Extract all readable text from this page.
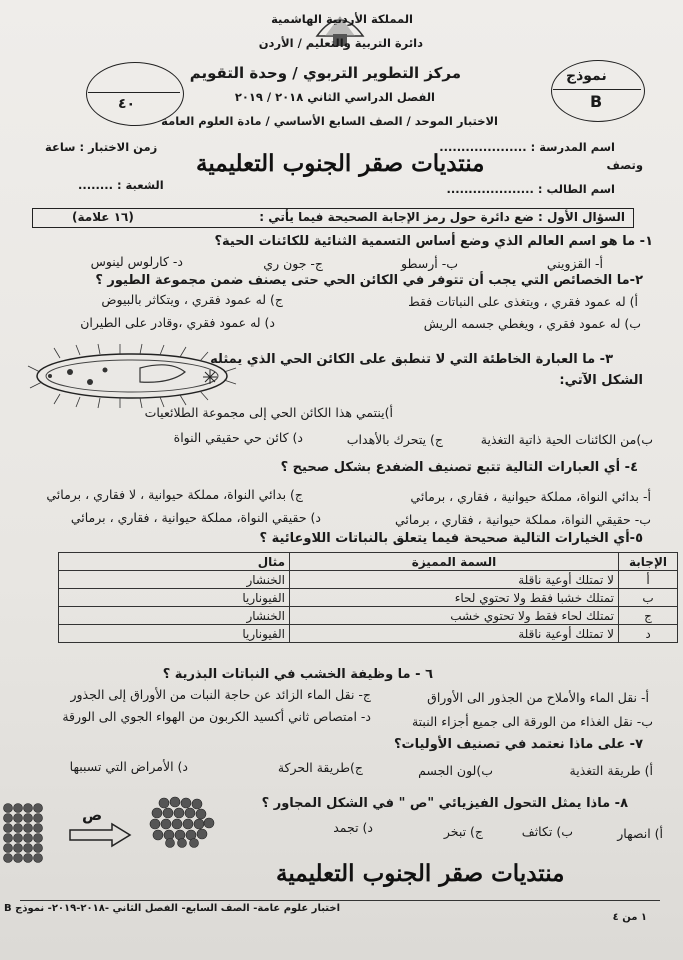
المملكة الأردنية الهاشمية
دائرة التربية والتعليم / الأردن
مركز التطوير التربوي / وحدة التقويم
الفصل الدراسي الثاني ٢٠١٨ / ٢٠١٩
الاختبار الموحد / الصف السابع الأساسي / مادة العلوم العامة
نموذج
B
٤٠
اسم المدرسة : ....................
وتصف
اسم الطالب : ....................
زمن الاختبار : ساعة
الشعبة : ........
منتديات صقر الجنوب التعليمية
السؤال الأول : ضع دائرة حول رمز الإجابة الصحيحة فيما يأتي :
(١٦ علامة)
١- ما هو اسم العالم الذي وضع أساس التسمية الثنائية للكائنات الحية؟
أ- القزويني
ب- أرسطو
ج- جون ري
د- كارلوس لينوس
٢-ما الخصائص التي يجب أن تتوفر في الكائن الحي حتى يصنف ضمن مجموعة الطيور ؟
أ) له عمود فقري ، ويتغذى على النباتات فقط
ج) له عمود فقري ، ويتكاثر بالبيوض
ب) له عمود فقري ، ويغطي جسمه الريش
د) له عمود فقري ،وقادر على الطيران
٣- ما العبارة الخاطئة التي لا تنطبق على الكائن الحي الذي يمثله
الشكل الآتي:
أ)ينتمي هذا الكائن الحي إلى مجموعة الطلائعيات
ب)من الكائنات الحية ذاتية التغذية
ج) يتحرك بالأهداب
د) كائن حي حقيقي النواة
٤- أي العبارات التالية تتبع تصنيف الضفدع بشكل صحيح ؟
أ- بدائي النواة، مملكة حيوانية ، فقاري ، برمائي
ج) بدائي النواة، مملكة حيوانية ، لا فقاري ، برمائي
ب- حقيقي النواة، مملكة حيوانية ، فقاري ، برمائي
د) حقيقي النواة، مملكة حيوانية ، فقاري ، برمائي
٥-أي الخيارات التالية صحيحة فيما يتعلق بالنباتات اللاوعائية ؟
الإجابة	السمة المميزة	مثال
أ	لا تمتلك أوعية ناقلة	الخنشار
ب	تمتلك خشبا فقط ولا تحتوي لحاء	الفيوناريا
ج	تمتلك لحاء فقط ولا تحتوي خشب	الخنشار
د	لا تمتلك أوعية ناقلة	الفيوناريا
٦ - ما وظيفة الخشب في النباتات البذرية ؟
أ- نقل الماء والأملاح من الجذور الى الأوراق
ج- نقل الماء الزائد عن حاجة النبات من الأوراق إلى الجذور
ب- نقل الغذاء من الورقة الى جميع أجزاء النبتة
د- امتصاص ثاني أكسيد الكربون من الهواء الجوي الى الورقة
٧- على ماذا نعتمد في تصنيف الأوليات؟
أ) طريقة التغذية
ب)لون الجسم
ج)طريقة الحركة
د) الأمراض التي تسببها
٨- ماذا يمثل التحول الفيزيائي "ص " في الشكل المجاور ؟
أ) انصهار
ب) تكاثف
ج) تبخر
د) تجمد
ص
منتديات صقر الجنوب التعليمية
اختبار علوم عامة- الصف السابع- الفصل الثاني -٢٠١٨-٢٠١٩- نموذج B
١ من ٤
